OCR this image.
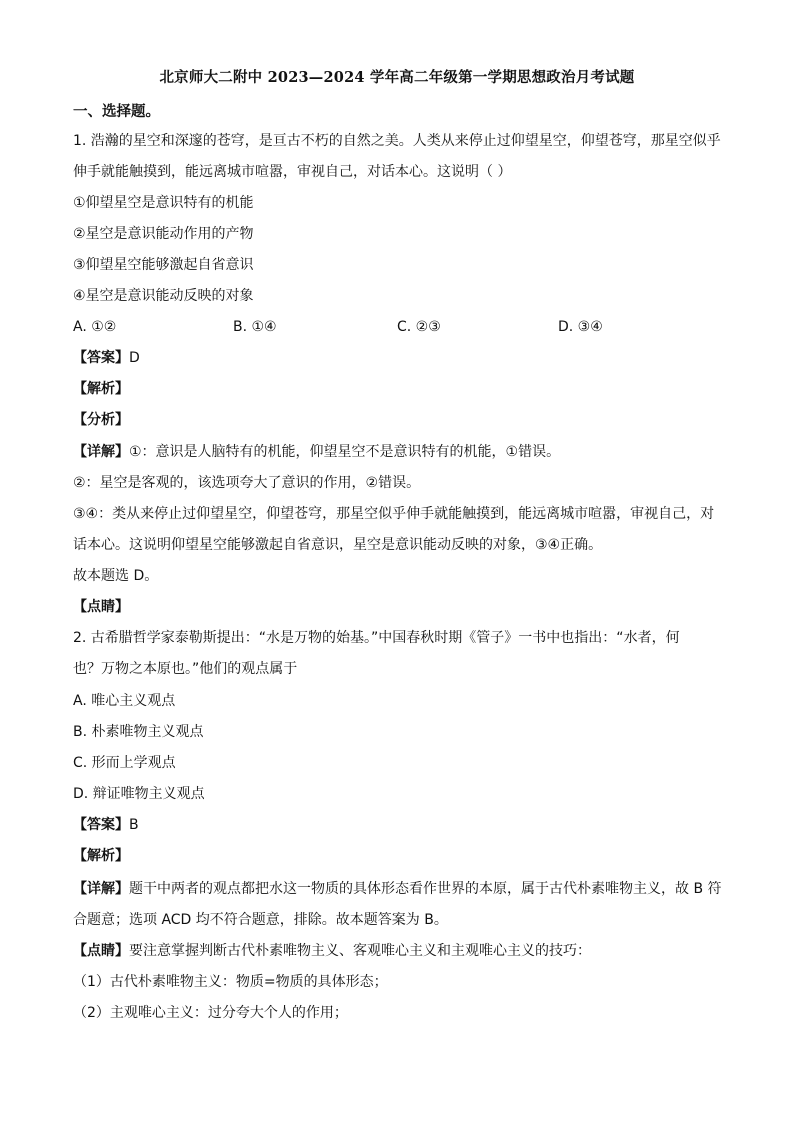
北京师大二附中 2023—2024 学年高二年级第一学期思想政治月考试题
一、选择题。
1. 浩瀚的星空和深邃的苍穹，是亘古不朽的自然之美。人类从来停止过仰望星空，仰望苍穹，那星空似乎
伸手就能触摸到，能远离城市喧嚣，审视自己，对话本心。这说明（ ）
①仰望星空是意识特有的机能
②星空是意识能动作用的产物
③仰望星空能够激起自省意识
④星空是意识能动反映的对象
A. ①②	B. ①④	C. ②③	D. ③④
【答案】D
【解析】
【分析】
【详解】①：意识是人脑特有的机能，仰望星空不是意识特有的机能，①错误。
②：星空是客观的，该选项夸大了意识的作用，②错误。
③④：类从来停止过仰望星空，仰望苍穹，那星空似乎伸手就能触摸到，能远离城市喧嚣，审视自己，对
话本心。这说明仰望星空能够激起自省意识，星空是意识能动反映的对象，③④正确。
故本题选 D。
【点睛】
2. 古希腊哲学家泰勒斯提出：“水是万物的始基。”中国春秋时期《管子》一书中也指出：“水者，何
也？万物之本原也。”他们的观点属于
A. 唯心主义观点
B. 朴素唯物主义观点
C. 形而上学观点
D. 辩证唯物主义观点
【答案】B
【解析】
【详解】题干中两者的观点都把水这一物质的具体形态看作世界的本原，属于古代朴素唯物主义，故 B 符
合题意；选项 ACD 均不符合题意，排除。故本题答案为 B。
【点睛】要注意掌握判断古代朴素唯物主义、客观唯心主义和主观唯心主义的技巧：
（1）古代朴素唯物主义：物质=物质的具体形态；
（2）主观唯心主义：过分夸大个人的作用；
